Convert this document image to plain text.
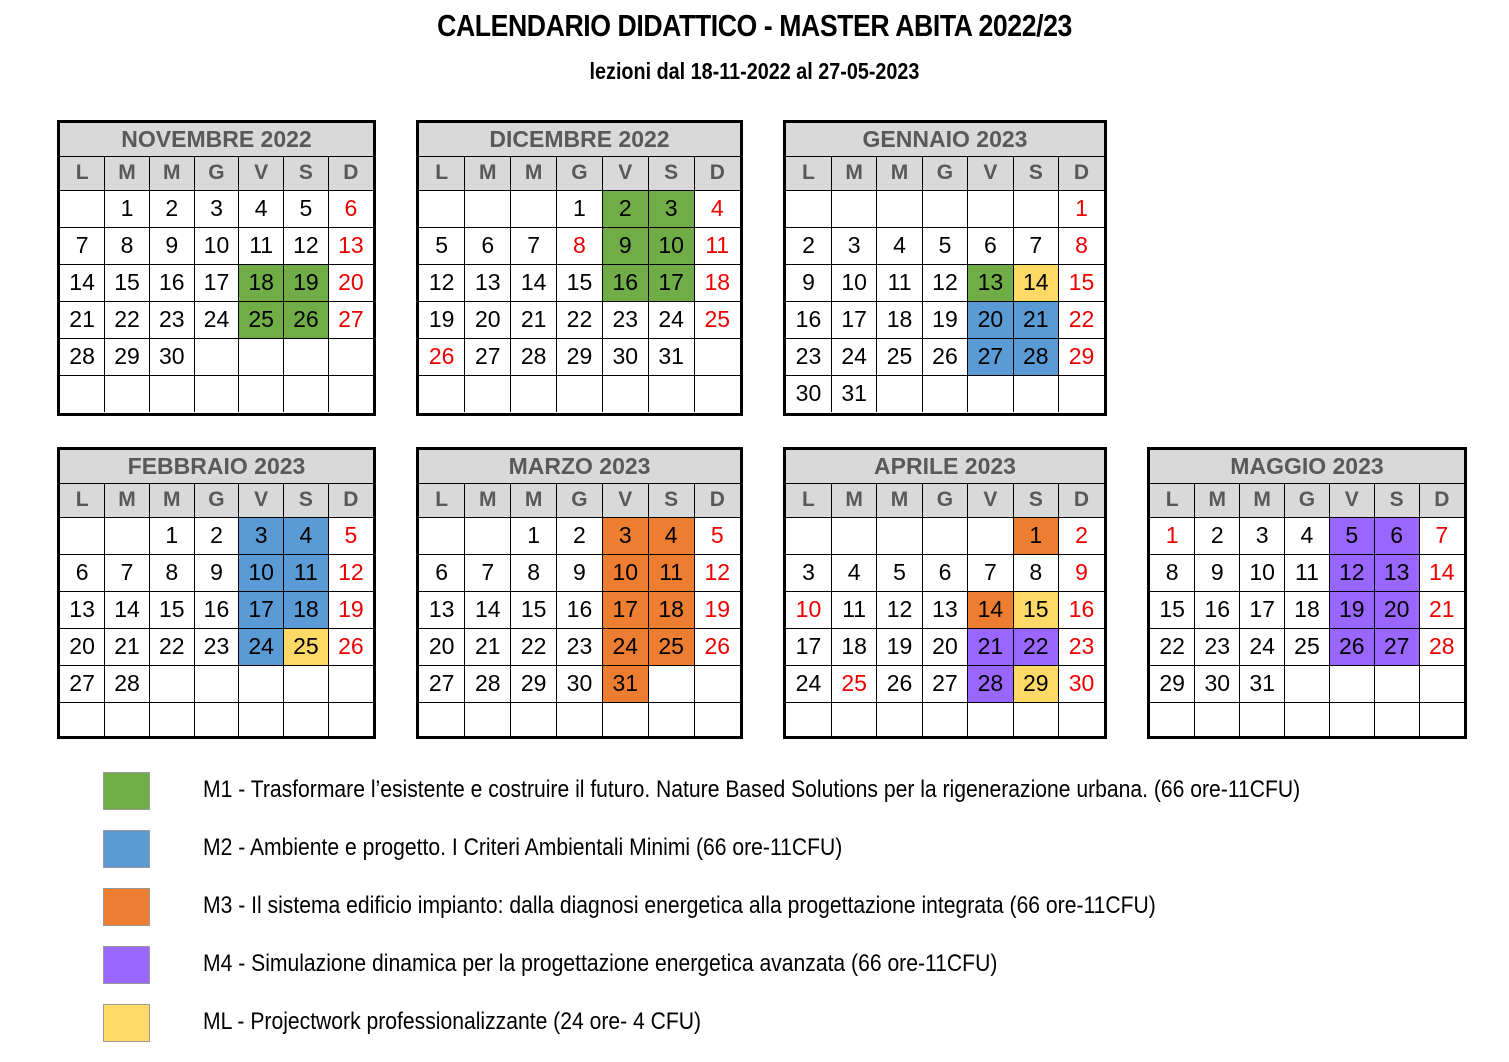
CALENDARIO DIDATTICO - MASTER ABITA 2022/23
lezioni dal 18-11-2022 al 27-05-2023
NOVEMBRE 2022						
L	M	M	G	V	S	D
	1	2	3	4	5	6
7	8	9	10	11	12	13
14	15	16	17	18	19	20
21	22	23	24	25	26	27
28	29	30				

DICEMBRE 2022						
L	M	M	G	V	S	D
			1	2	3	4
5	6	7	8	9	10	11
12	13	14	15	16	17	18
19	20	21	22	23	24	25
26	27	28	29	30	31	

GENNAIO 2023						
L	M	M	G	V	S	D
						1
2	3	4	5	6	7	8
9	10	11	12	13	14	15
16	17	18	19	20	21	22
23	24	25	26	27	28	29
30	31					
FEBBRAIO 2023						
L	M	M	G	V	S	D
		1	2	3	4	5
6	7	8	9	10	11	12
13	14	15	16	17	18	19
20	21	22	23	24	25	26
27	28					

MARZO 2023						
L	M	M	G	V	S	D
		1	2	3	4	5
6	7	8	9	10	11	12
13	14	15	16	17	18	19
20	21	22	23	24	25	26
27	28	29	30	31		

APRILE 2023						
L	M	M	G	V	S	D
					1	2
3	4	5	6	7	8	9
10	11	12	13	14	15	16
17	18	19	20	21	22	23
24	25	26	27	28	29	30

MAGGIO 2023						
L	M	M	G	V	S	D
1	2	3	4	5	6	7
8	9	10	11	12	13	14
15	16	17	18	19	20	21
22	23	24	25	26	27	28
29	30	31				

M1 - Trasformare l’esistente e costruire il futuro. Nature Based Solutions per la rigenerazione urbana. (66 ore-11CFU)
M2 - Ambiente e progetto. I Criteri Ambientali Minimi (66 ore-11CFU)
M3 - Il sistema edificio impianto: dalla diagnosi energetica alla progettazione integrata (66 ore-11CFU)
M4 - Simulazione dinamica per la progettazione energetica avanzata (66 ore-11CFU)
ML - Projectwork professionalizzante (24 ore- 4 CFU)
